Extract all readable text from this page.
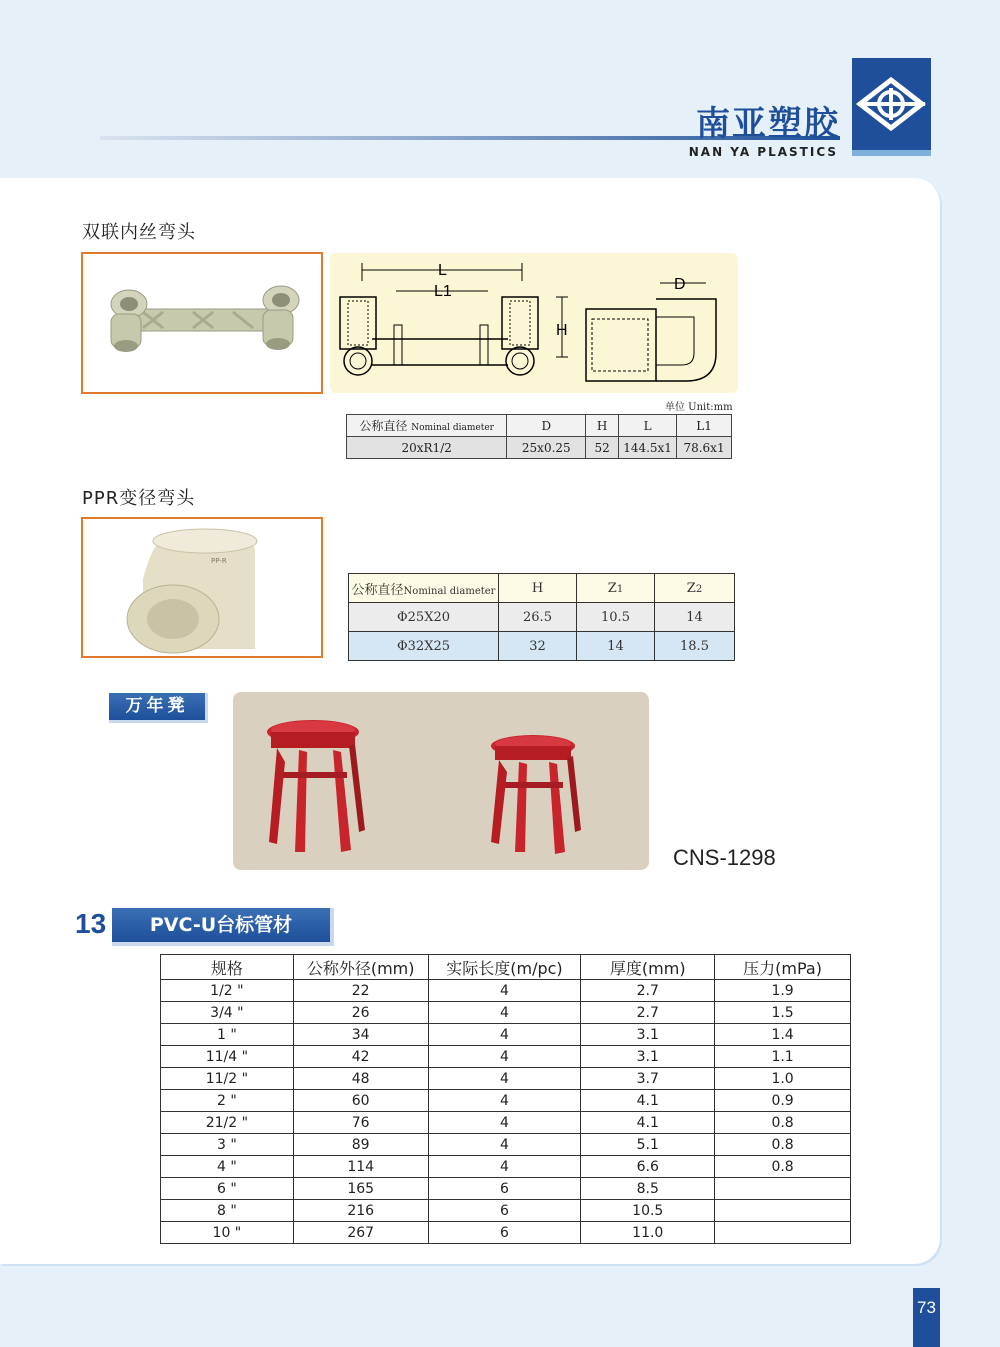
南亚塑胶
NAN YA PLASTICS
双联内丝弯头
L
L1
H
D
单位 Unit:mm
公称直径 Nominal diameter	D	H	L	L1
20xR1/2	25x0.25	52	144.5x1	78.6x1
PPR变径弯头
PP-R
公称直径Nominal diameter	H	Z1	Z2
Φ25X20	26.5	10.5	14
Φ32X25	32	14	18.5
万年凳
CNS-1298
13	PVC-U台标管材
规格	公称外径(mm)	实际长度(m/pc)	厚度(mm)	压力(mPa)
1/2 "	22	4	2.7	1.9
3/4 "	26	4	2.7	1.5
1 "	34	4	3.1	1.4
11/4 "	42	4	3.1	1.1
11/2 "	48	4	3.7	1.0
2 "	60	4	4.1	0.9
21/2 "	76	4	4.1	0.8
3 "	89	4	5.1	0.8
4 "	114	4	6.6	0.8
6 "	165	6	8.5	
8 "	216	6	10.5	
10 "	267	6	11.0	
73
